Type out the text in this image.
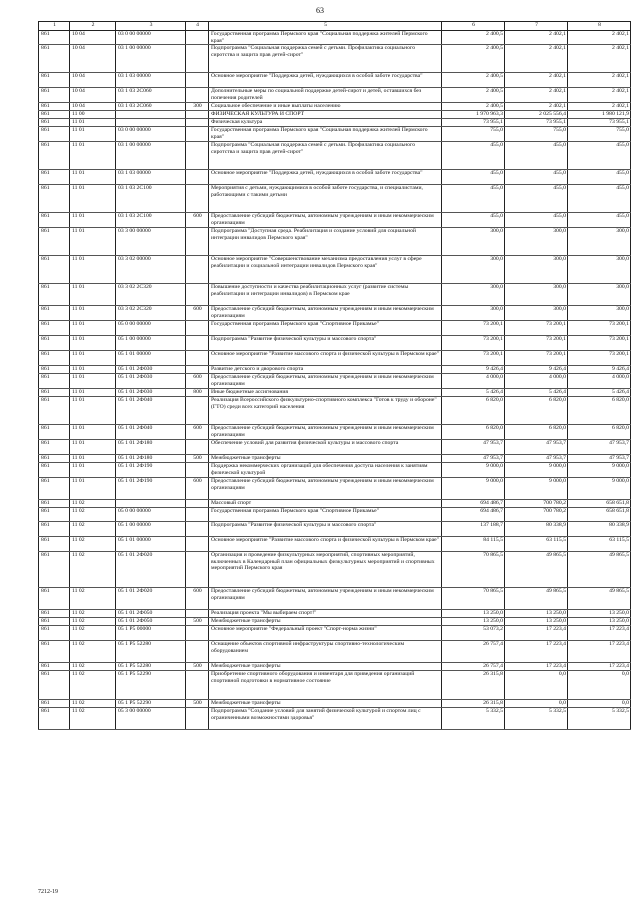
63
1	2	3	4	5	6	7	8
861	10 04	03 0 00 00000		Государственная программа Пермского края "Социальная поддержка жителей Пермского края"	2 400,5	2 402,1	2 402,1
861	10 04	03 1 00 00000		Подпрограмма "Социальная поддержка семей с детьми. Профилактика социального сиротства и защита прав детей-сирот"	2 400,5	2 402,1	2 402,1
861	10 04	03 1 03 00000		Основное мероприятие "Поддержка детей, нуждающихся в особой заботе государства"	2 400,5	2 402,1	2 402,1
861	10 04	03 1 03 2C060		Дополнительные меры по социальной поддержке детей-сирот и детей, оставшихся без попечения родителей	2 400,5	2 402,1	2 402,1
861	10 04	03 1 03 2C060	300	Социальное обеспечение и иные выплаты населению	2 400,5	2 402,1	2 402,1
861	11 00			ФИЗИЧЕСКАЯ КУЛЬТУРА И СПОРТ	1 970 963,3	2 025 556,4	1 980 121,9
861	11 01			Физическая культура	73 955,1	73 955,1	73 955,1
861	11 01	03 0 00 00000		Государственная программа Пермского края "Социальная поддержка жителей Пермского края"	755,0	755,0	755,0
861	11 01	03 1 00 00000		Подпрограмма "Социальная поддержка семей с детьми. Профилактика социального сиротства и защита прав детей-сирот"	455,0	455,0	455,0
861	11 01	03 1 03 00000		Основное мероприятие "Поддержка детей, нуждающихся в особой заботе государства"	455,0	455,0	455,0
861	11 01	03 1 03 2C100		Мероприятия с детьми, нуждающимися в особой заботе государства, и специалистами, работающими с такими детьми	455,0	455,0	455,0
861	11 01	03 1 03 2C100	600	Предоставление субсидий бюджетным, автономным учреждениям и иным некоммерческим организациям	455,0	455,0	455,0
861	11 01	03 3 00 00000		Подпрограмма "Доступная среда. Реабилитация и создание условий для социальной интеграции инвалидов Пермского края"	300,0	300,0	300,0
861	11 01	03 3 02 00000		Основное мероприятие "Совершенствование механизма предоставления услуг в сфере реабилитации и социальной интеграции инвалидов Пермского края"	300,0	300,0	300,0
861	11 01	03 3 02 2C320		Повышение доступности и качества реабилитационных услуг (развитие системы реабилитации и интеграции инвалидов) в Пермском крае	300,0	300,0	300,0
861	11 01	03 3 02 2C320	600	Предоставление субсидий бюджетным, автономным учреждениям и иным некоммерческим организациям	300,0	300,0	300,0
861	11 01	05 0 00 00000		Государственная программа Пермского края "Спортивное Прикамье"	73 200,1	73 200,1	73 200,1
861	11 01	05 1 00 00000		Подпрограмма "Развитие физической культуры и массового спорта"	73 200,1	73 200,1	73 200,1
861	11 01	05 1 01 00000		Основное мероприятие "Развитие массового спорта и физической культуры в Пермском крае"	73 200,1	73 200,1	73 200,1
861	11 01	05 1 01 2Ф030		Развитие детского и дворового спорта	9 426,4	9 426,4	9 426,4
861	11 01	05 1 01 2Ф030	600	Предоставление субсидий бюджетным, автономным учреждениям и иным некоммерческим организациям	4 000,0	4 000,0	4 000,0
861	11 01	05 1 01 2Ф030	800	Иные бюджетные ассигнования	5 426,4	5 426,4	5 426,4
861	11 01	05 1 01 2Ф040		Реализация Всероссийского физкультурно-спортивного комплекса "Готов к труду и обороне" (ГТО) среди всех категорий населения	6 820,0	6 820,0	6 820,0
861	11 01	05 1 01 2Ф040	600	Предоставление субсидий бюджетным, автономным учреждениям и иным некоммерческим организациям	6 820,0	6 820,0	6 820,0
861	11 01	05 1 01 2Ф180		Обеспечение условий для развития физической культуры и массового спорта	47 953,7	47 953,7	47 953,7
861	11 01	05 1 01 2Ф180	500	Межбюджетные трансферты	47 953,7	47 953,7	47 953,7
861	11 01	05 1 01 2Ф190		Поддержка некоммерческих организаций для обеспечения доступа населения к занятиям физической культурой	9 000,0	9 000,0	9 000,0
861	11 01	05 1 01 2Ф190	600	Предоставление субсидий бюджетным, автономным учреждениям и иным некоммерческим организациям	9 000,0	9 000,0	9 000,0
861	11 02			Массовый спорт	694 486,7	700 780,2	658 651,8
861	11 02	05 0 00 00000		Государственная программа Пермского края "Спортивное Прикамье"	694 486,7	700 780,2	658 651,8
861	11 02	05 1 00 00000		Подпрограмма "Развитие физической культуры и массового спорта"	137 188,7	80 338,9	80 338,9
861	11 02	05 1 01 00000		Основное мероприятие "Развитие массового спорта и физической культуры в Пермском крае"	84 115,5	63 115,5	63 115,5
861	11 02	05 1 01 2Ф020		Организация и проведение физкультурных мероприятий, спортивных мероприятий, включенных в Календарный план официальных физкультурных мероприятий и спортивных мероприятий Пермского края	70 865,5	49 865,5	49 865,5
861	11 02	05 1 01 2Ф020	600	Предоставление субсидий бюджетным, автономным учреждениям и иным некоммерческим организациям	70 865,5	49 865,5	49 865,5
861	11 02	05 1 01 2Ф050		Реализация проекта "Мы выбираем спорт!"	13 250,0	13 250,0	13 250,0
861	11 02	05 1 01 2Ф050	500	Межбюджетные трансферты	13 250,0	13 250,0	13 250,0
861	11 02	05 1 P5 00000		Основное мероприятие "Федеральный проект "Спорт-норма жизни"	53 073,2	17 223,4	17 223,4
861	11 02	05 1 P5 52280		Оснащение объектов спортивной инфраструктуры спортивно-технологическим оборудованием	26 757,4	17 223,4	17 223,4
861	11 02	05 1 P5 52280	500	Межбюджетные трансферты	26 757,4	17 223,4	17 223,4
861	11 02	05 1 P5 52290		Приобретение спортивного оборудования и инвентаря для приведения организаций спортивной подготовки в нормативное состояние	26 315,8	0,0	0,0
861	11 02	05 1 P5 52290	500	Межбюджетные трансферты	26 315,8	0,0	0,0
861	11 02	05 3 00 00000		Подпрограмма "Создание условий для занятий физической культурой и спортом лиц с ограниченными возможностями здоровья"	5 332,5	5 332,5	5 332,5
7212-19
